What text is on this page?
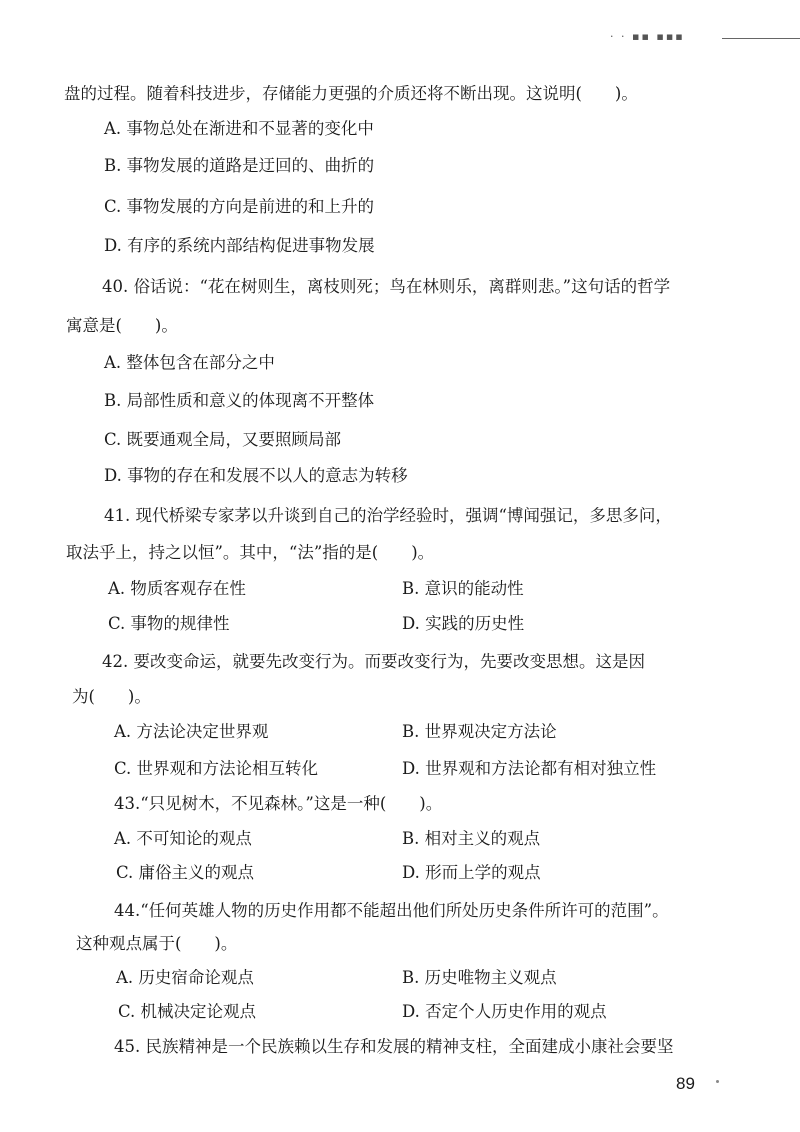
· · ▪▪ ▪▪▪
盘的过程。随着科技进步，存储能力更强的介质还将不断出现。这说明(　　)。
A. 事物总处在渐进和不显著的变化中
B. 事物发展的道路是迂回的、曲折的
C. 事物发展的方向是前进的和上升的
D. 有序的系统内部结构促进事物发展
40. 俗话说：“花在树则生，离枝则死；鸟在林则乐，离群则悲。”这句话的哲学
寓意是(　　)。
A. 整体包含在部分之中
B. 局部性质和意义的体现离不开整体
C. 既要通观全局，又要照顾局部
D. 事物的存在和发展不以人的意志为转移
41. 现代桥梁专家茅以升谈到自己的治学经验时，强调“博闻强记，多思多问，
取法乎上，持之以恒”。其中，“法”指的是(　　)。
A. 物质客观存在性	B. 意识的能动性
C. 事物的规律性	D. 实践的历史性
42. 要改变命运，就要先改变行为。而要改变行为，先要改变思想。这是因
为(　　)。
A. 方法论决定世界观	B. 世界观决定方法论
C. 世界观和方法论相互转化	D. 世界观和方法论都有相对独立性
43.“只见树木，不见森林。”这是一种(　　)。
A. 不可知论的观点	B. 相对主义的观点
C. 庸俗主义的观点	D. 形而上学的观点
44.“任何英雄人物的历史作用都不能超出他们所处历史条件所许可的范围”。
这种观点属于(　　)。
A. 历史宿命论观点	B. 历史唯物主义观点
C. 机械决定论观点	D. 否定个人历史作用的观点
45. 民族精神是一个民族赖以生存和发展的精神支柱，全面建成小康社会要坚
89
